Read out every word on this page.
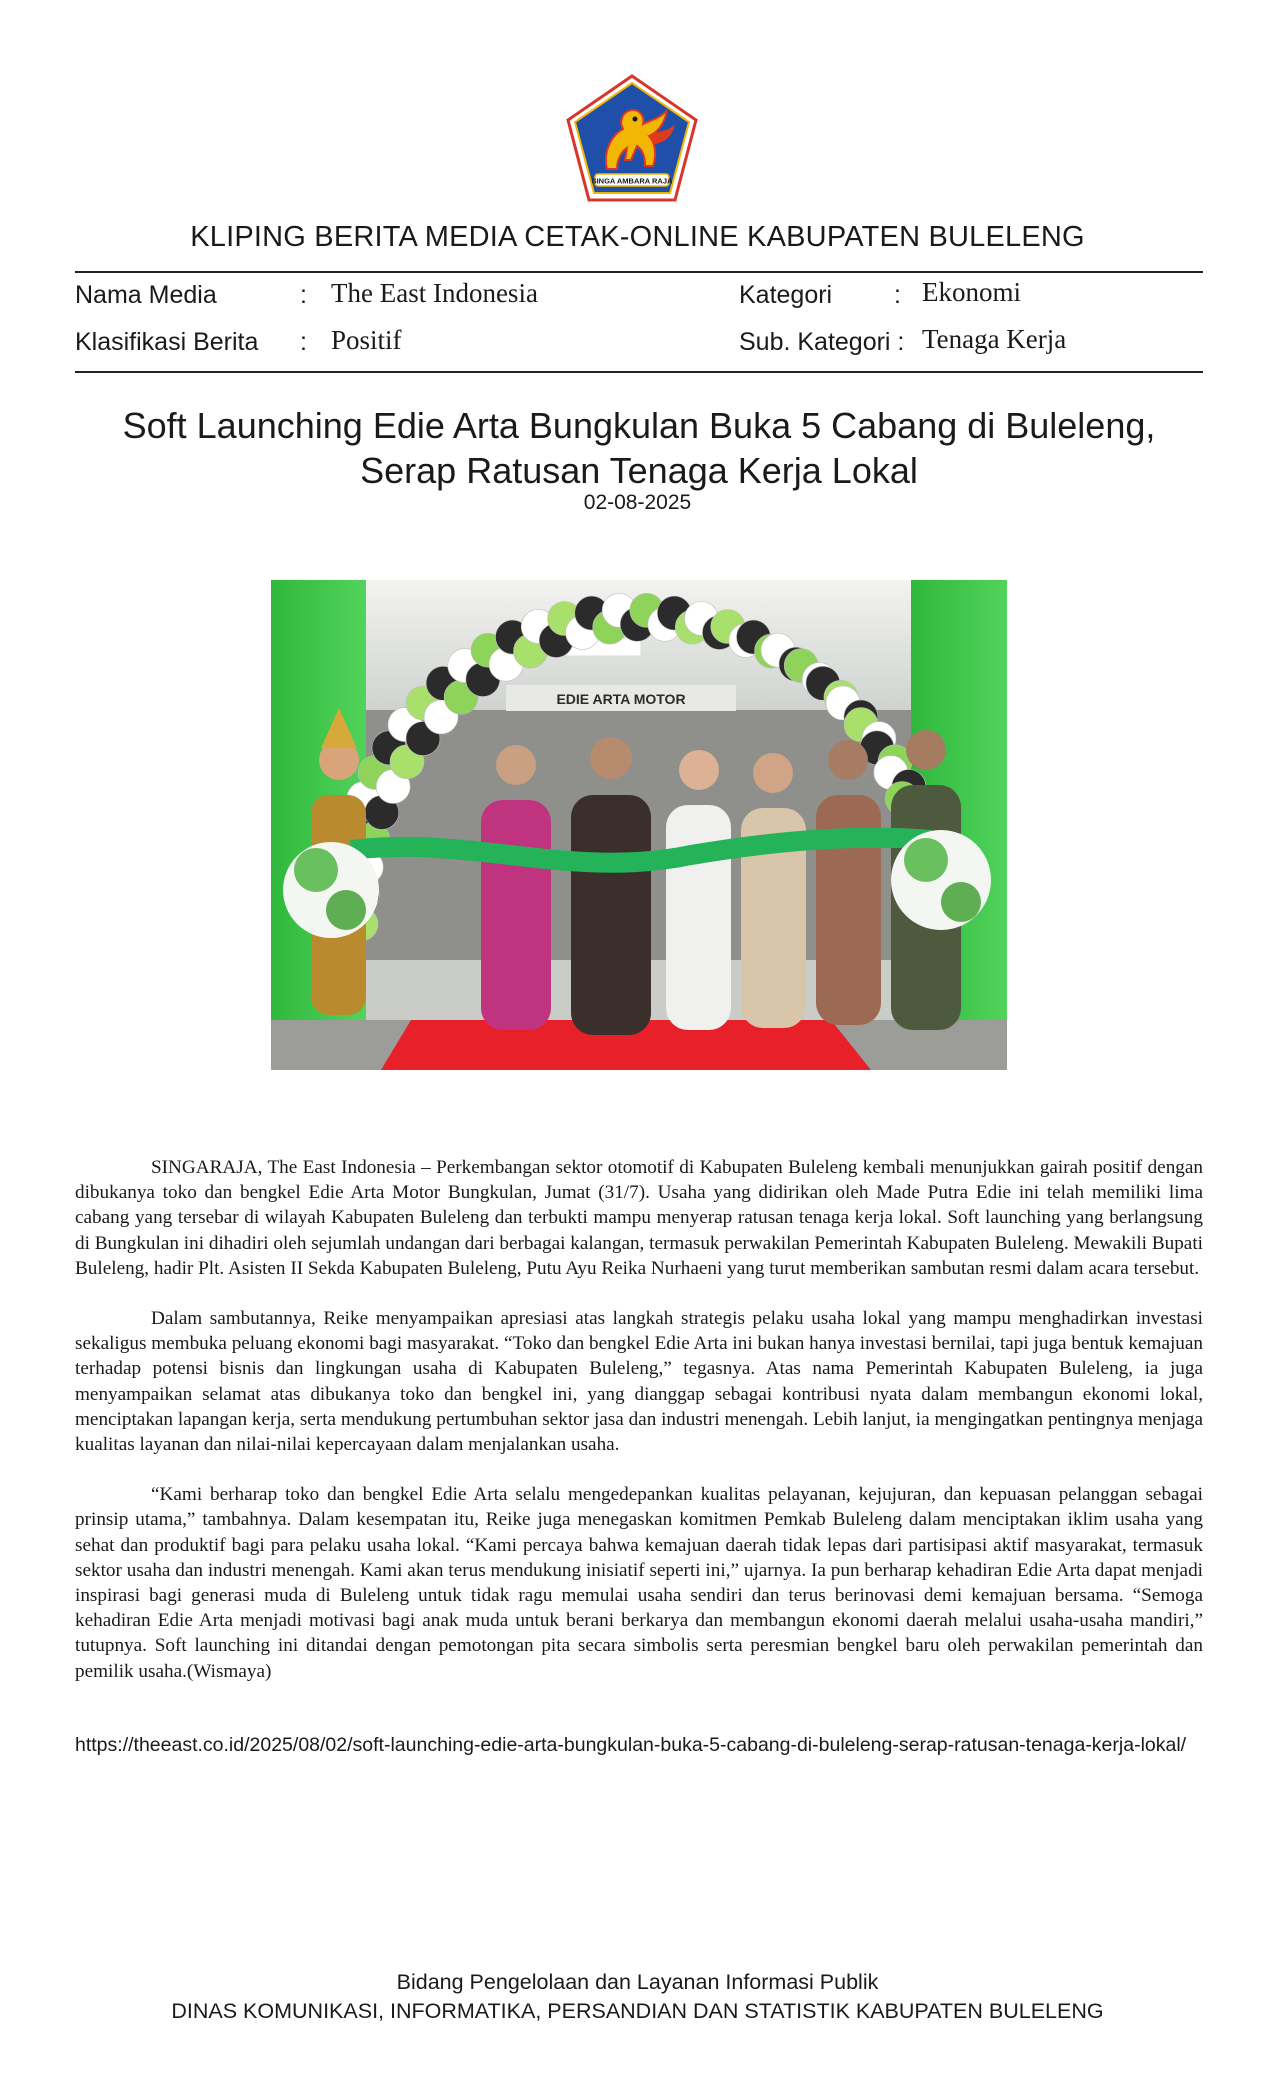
SINGA AMBARA RAJA
KLIPING BERITA MEDIA CETAK-ONLINE KABUPATEN BULELENG
Nama Media	: The East Indonesia	Kategori : Ekonomi
Klasifikasi Berita : Positif	Sub. Kategori : Tenaga Kerja
Soft Launching Edie Arta Bungkulan Buka 5 Cabang di Buleleng,
Serap Ratusan Tenaga Kerja Lokal
02-08-2025
EDIE ARTA MOTOR

SINGARAJA, The East Indonesia – Perkembangan sektor otomotif di Kabupaten Buleleng kembali menunjukkan gairah positif dengan dibukanya toko dan bengkel Edie Arta Motor Bungkulan, Jumat (31/7). Usaha yang didirikan oleh Made Putra Edie ini telah memiliki lima cabang yang tersebar di wilayah Kabupaten Buleleng dan terbukti mampu menyerap ratusan tenaga kerja lokal. Soft launching yang berlangsung di Bungkulan ini dihadiri oleh sejumlah undangan dari berbagai kalangan, termasuk perwakilan Pemerintah Kabupaten Buleleng. Mewakili Bupati Buleleng, hadir Plt. Asisten II Sekda Kabupaten Buleleng, Putu Ayu Reika Nurhaeni yang turut memberikan sambutan resmi dalam acara tersebut.

Dalam sambutannya, Reike menyampaikan apresiasi atas langkah strategis pelaku usaha lokal yang mampu menghadirkan investasi sekaligus membuka peluang ekonomi bagi masyarakat. “Toko dan bengkel Edie Arta ini bukan hanya investasi bernilai, tapi juga bentuk kemajuan terhadap potensi bisnis dan lingkungan usaha di Kabupaten Buleleng,” tegasnya. Atas nama Pemerintah Kabupaten Buleleng, ia juga menyampaikan selamat atas dibukanya toko dan bengkel ini, yang dianggap sebagai kontribusi nyata dalam membangun ekonomi lokal, menciptakan lapangan kerja, serta mendukung pertumbuhan sektor jasa dan industri menengah. Lebih lanjut, ia mengingatkan pentingnya menjaga kualitas layanan dan nilai-nilai kepercayaan dalam menjalankan usaha.

“Kami berharap toko dan bengkel Edie Arta selalu mengedepankan kualitas pelayanan, kejujuran, dan kepuasan pelanggan sebagai prinsip utama,” tambahnya. Dalam kesempatan itu, Reike juga menegaskan komitmen Pemkab Buleleng dalam menciptakan iklim usaha yang sehat dan produktif bagi para pelaku usaha lokal. “Kami percaya bahwa kemajuan daerah tidak lepas dari partisipasi aktif masyarakat, termasuk sektor usaha dan industri menengah. Kami akan terus mendukung inisiatif seperti ini,” ujarnya. Ia pun berharap kehadiran Edie Arta dapat menjadi inspirasi bagi generasi muda di Buleleng untuk tidak ragu memulai usaha sendiri dan terus berinovasi demi kemajuan bersama. “Semoga kehadiran Edie Arta menjadi motivasi bagi anak muda untuk berani berkarya dan membangun ekonomi daerah melalui usaha-usaha mandiri,” tutupnya. Soft launching ini ditandai dengan pemotongan pita secara simbolis serta peresmian bengkel baru oleh perwakilan pemerintah dan pemilik usaha.(Wismaya)

https://theeast.co.id/2025/08/02/soft-launching-edie-arta-bungkulan-buka-5-cabang-di-buleleng-serap-ratusan-tenaga-kerja-lokal/
Bidang Pengelolaan dan Layanan Informasi Publik
DINAS KOMUNIKASI, INFORMATIKA, PERSANDIAN DAN STATISTIK KABUPATEN BULELENG
